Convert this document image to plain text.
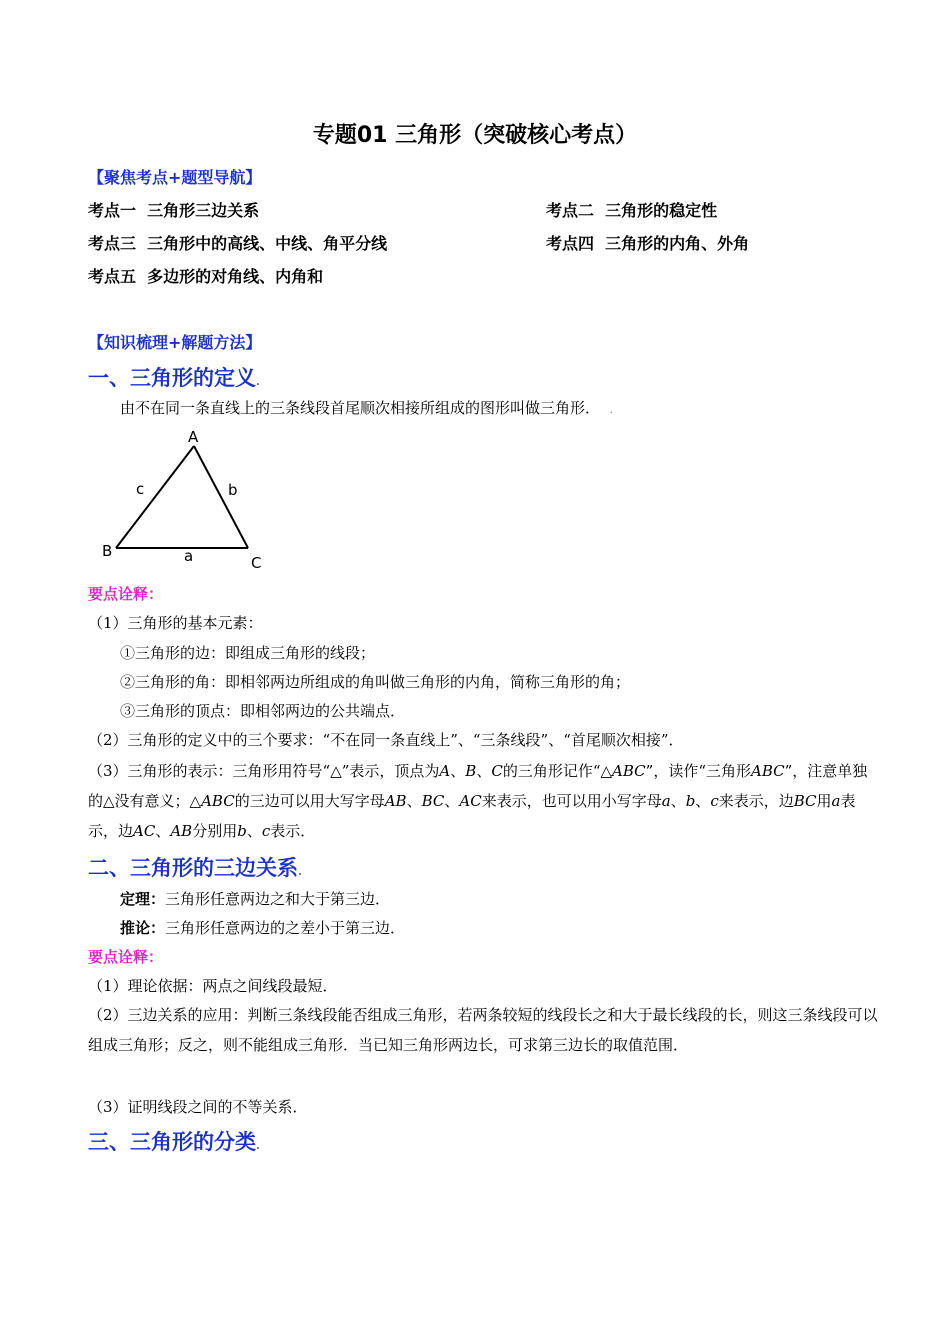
专题01 三角形（突破核心考点）
【聚焦考点+题型导航】
考点一 三角形三边关系	考点二 三角形的稳定性
考点三 三角形中的高线、中线、角平分线	考点四 三角形的内角、外角
考点五 多边形的对角线、内角和
【知识梳理+解题方法】
一、三角形的定义.
由不在同一条直线上的三条线段首尾顺次相接所组成的图形叫做三角形． .
A
B
C
a
b
c
要点诠释：
（1）三角形的基本元素：
①三角形的边：即组成三角形的线段；
②三角形的角：即相邻两边所组成的角叫做三角形的内角，简称三角形的角；
③三角形的顶点：即相邻两边的公共端点．
（2）三角形的定义中的三个要求：“不在同一条直线上”、“三条线段”、“首尾顺次相接”．
（3）三角形的表示：三角形用符号“△”表示，顶点为A、B、C的三角形记作“△ABC”，读作“三角形ABC”，注意单独的△没有意义；△ABC的三边可以用大写字母AB、BC、AC来表示，也可以用小写字母a、b、c来表示，边BC用a表示，边AC、AB分别用b、c表示．
二、三角形的三边关系.
定理：三角形任意两边之和大于第三边．
推论：三角形任意两边的之差小于第三边．
要点诠释：
（1）理论依据：两点之间线段最短．
（2）三边关系的应用：判断三条线段能否组成三角形，若两条较短的线段长之和大于最长线段的长，则这三条线段可以组成三角形；反之，则不能组成三角形．当已知三角形两边长，可求第三边长的取值范围．
（3）证明线段之间的不等关系．
三、三角形的分类.
